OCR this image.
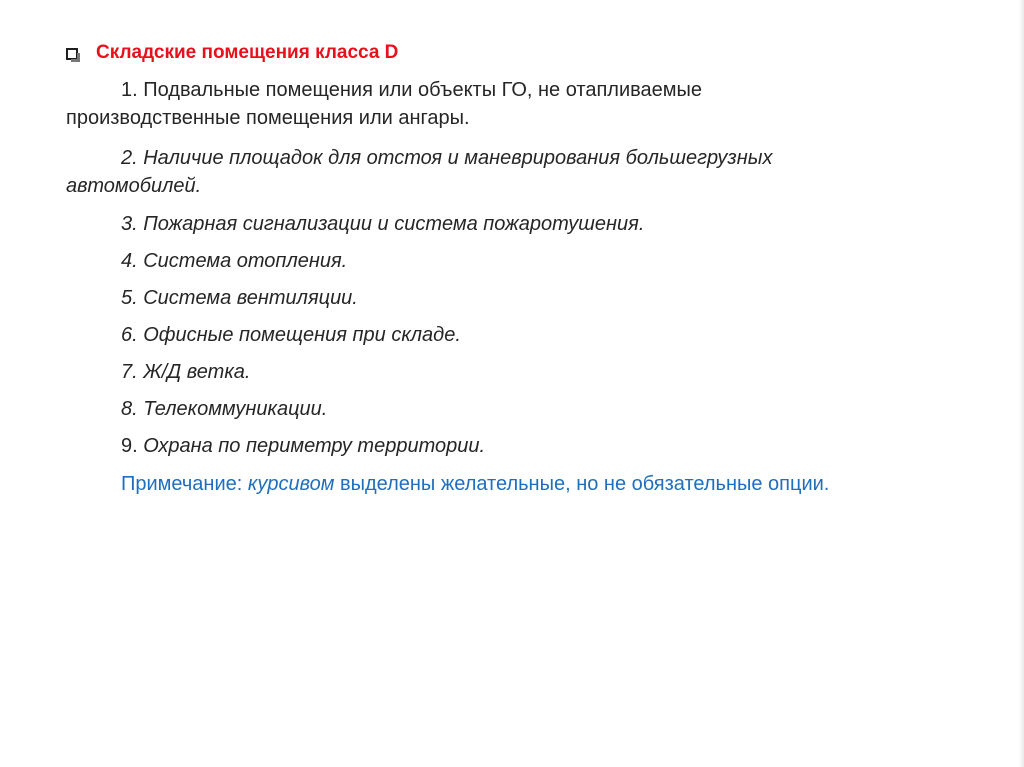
Складские помещения класса D
1. Подвальные помещения или объекты ГО, не отапливаемые
производственные помещения или ангары.
2. Наличие площадок для отстоя и маневрирования большегрузных
автомобилей.
3. Пожарная сигнализации и система пожаротушения.
4. Система отопления.
5. Система вентиляции.
6. Офисные помещения при складе.
7. Ж/Д ветка.
8. Телекоммуникации.
9. Охрана по периметру территории.
Примечание: курсивом выделены желательные, но не обязательные опции.
